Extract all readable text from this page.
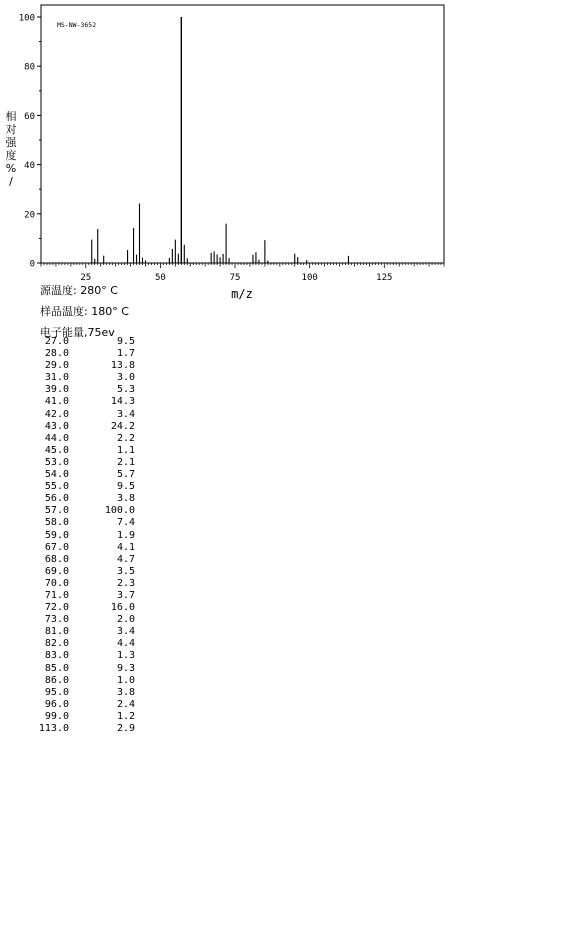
MS-NW-3652
相
对
强
度
%
/
m/z
0
20
40
60
80
100
25	50	75	100	125
源温度: 280° C
样品温度: 180° C
电子能量,75ev
27.0	9.5
28.0	1.7
29.0	13.8
31.0	3.0
39.0	5.3
41.0	14.3
42.0	3.4
43.0	24.2
44.0	2.2
45.0	1.1
53.0	2.1
54.0	5.7
55.0	9.5
56.0	3.8
57.0	100.0
58.0	7.4
59.0	1.9
67.0	4.1
68.0	4.7
69.0	3.5
70.0	2.3
71.0	3.7
72.0	16.0
73.0	2.0
81.0	3.4
82.0	4.4
83.0	1.3
85.0	9.3
86.0	1.0
95.0	3.8
96.0	2.4
99.0	1.2
113.0	2.9
